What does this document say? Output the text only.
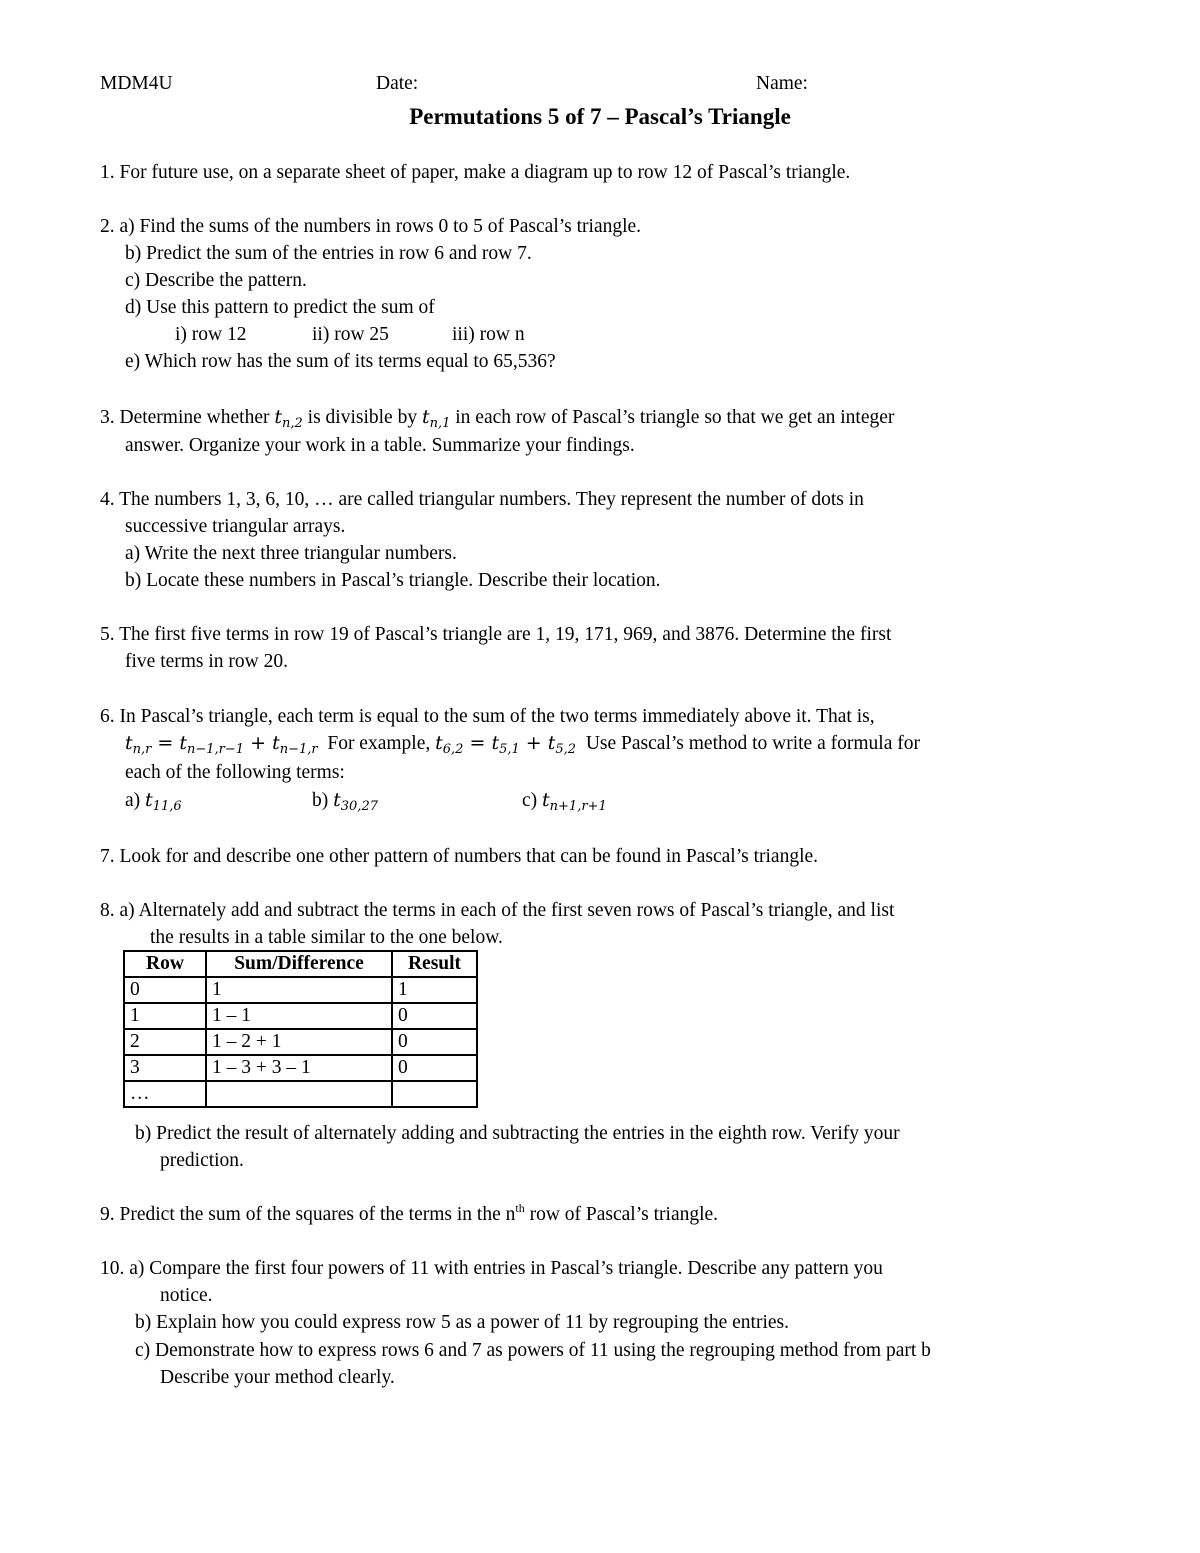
MDM4U	Date:	Name:
Permutations 5 of 7 – Pascal’s Triangle
1. For future use, on a separate sheet of paper, make a diagram up to row 12 of Pascal’s triangle.
2. a) Find the sums of the numbers in rows 0 to 5 of Pascal’s triangle.
b) Predict the sum of the entries in row 6 and row 7.
c) Describe the pattern.
d) Use this pattern to predict the sum of
i) row 12	ii) row 25	iii) row n
e) Which row has the sum of its terms equal to 65,536?
3. Determine whether $t_{n,2}$ is divisible by $t_{n,1}$ in each row of Pascal’s triangle so that we get an integer
answer. Organize your work in a table. Summarize your findings.
4. The numbers 1, 3, 6, 10, … are called triangular numbers. They represent the number of dots in
successive triangular arrays.
a) Write the next three triangular numbers.
b) Locate these numbers in Pascal’s triangle. Describe their location.
5. The first five terms in row 19 of Pascal’s triangle are 1, 19, 171, 969, and 3876. Determine the first
five terms in row 20.
6. In Pascal’s triangle, each term is equal to the sum of the two terms immediately above it. That is,
$t_{n,r} = t_{n-1,r-1} + t_{n-1,r}$ For example, $t_{6,2} = t_{5,1} + t_{5,2}$ Use Pascal’s method to write a formula for
each of the following terms:
a) $t_{11,6}$	b) $t_{30,27}$	c) $t_{n+1,r+1}$
7. Look for and describe one other pattern of numbers that can be found in Pascal’s triangle.
8. a) Alternately add and subtract the terms in each of the first seven rows of Pascal’s triangle, and list
the results in a table similar to the one below.
Row	Sum/Difference	Result
0	1	1
1	1 – 1	0
2	1 – 2 + 1	0
3	1 – 3 + 3 – 1	0
…		
b) Predict the result of alternately adding and subtracting the entries in the eighth row. Verify your
prediction.
9. Predict the sum of the squares of the terms in the $n^{th}$ row of Pascal’s triangle.
10. a) Compare the first four powers of 11 with entries in Pascal’s triangle. Describe any pattern you
notice.
b) Explain how you could express row 5 as a power of 11 by regrouping the entries.
c) Demonstrate how to express rows 6 and 7 as powers of 11 using the regrouping method from part b
Describe your method clearly.
